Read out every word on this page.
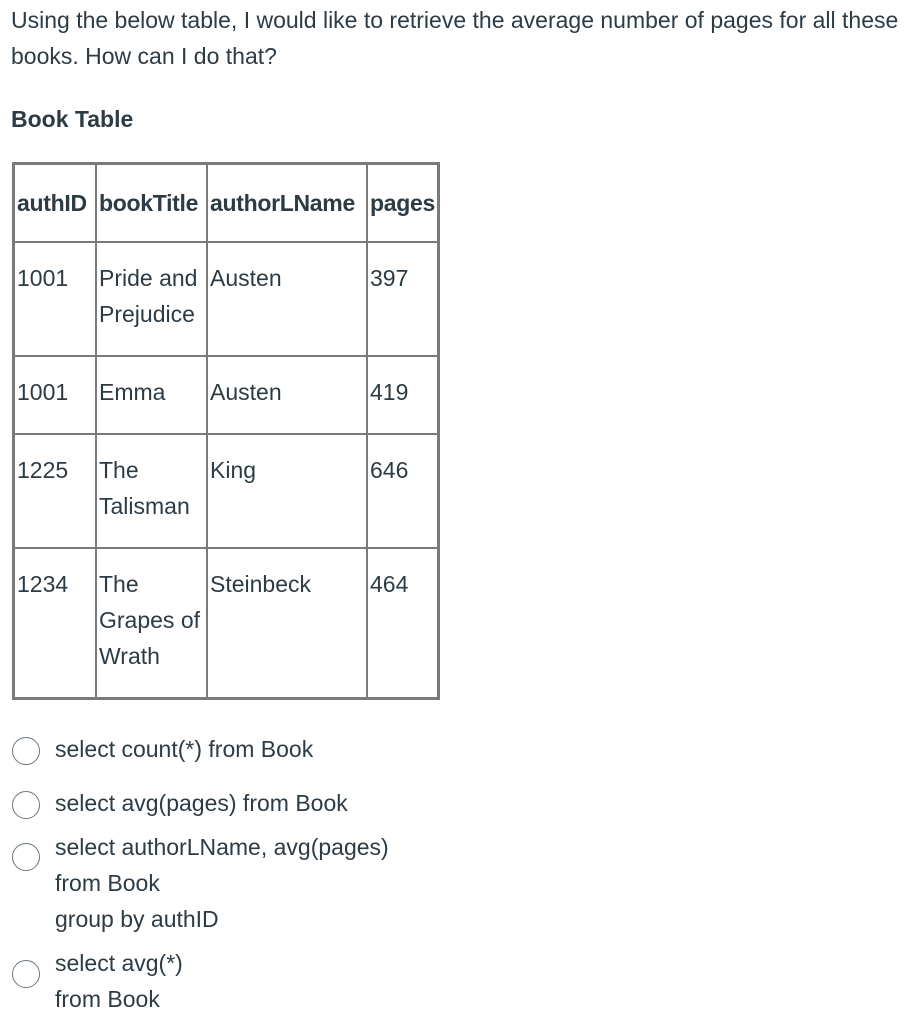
Using the below table, I would like to retrieve the average number of pages for all these books. How can I do that?

Book Table

authID	bookTitle	authorLName	pages
1001	Pride and Prejudice	Austen	397
1001	Emma	Austen	419
1225	The Talisman	King	646
1234	The Grapes of Wrath	Steinbeck	464
select count(*) from Book
select avg(pages) from Book
select authorLName, avg(pages)
from Book
group by authID
select avg(*)
from Book
